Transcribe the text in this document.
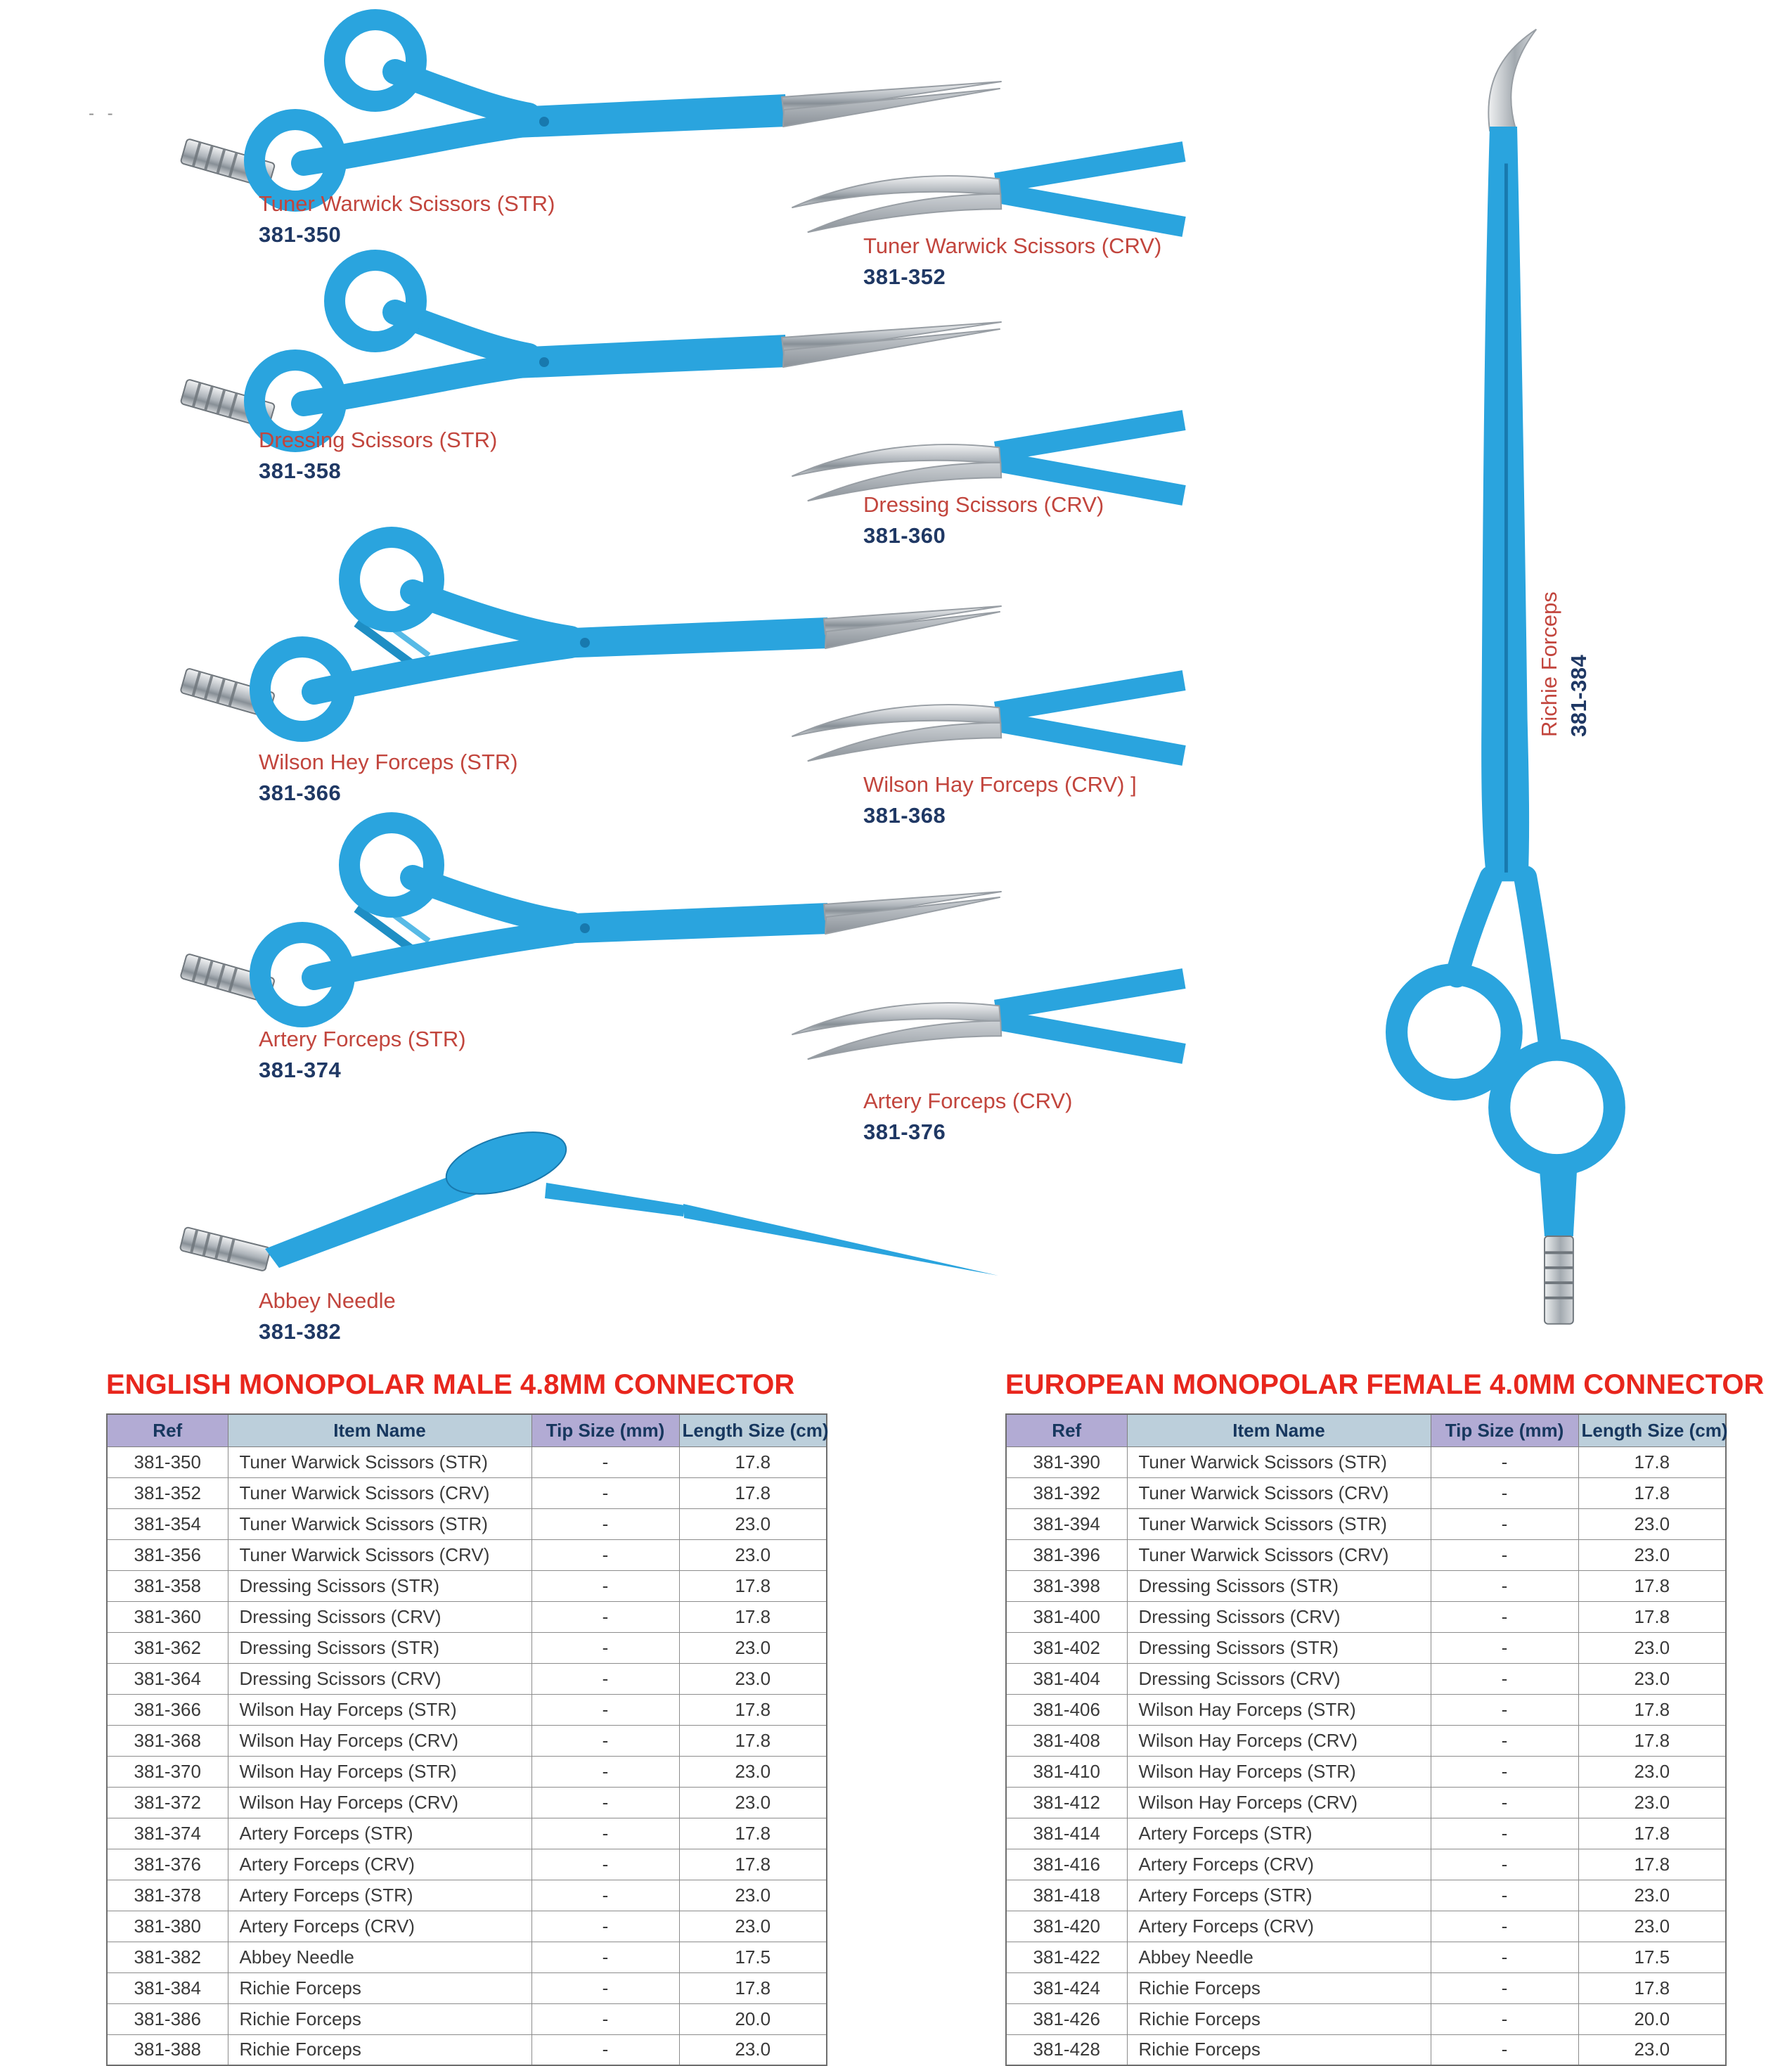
- -
Tuner Warwick Scissors (STR)
381-350	Tuner Warwick Scissors (CRV)
381-352
Dressing Scissors (STR)
381-358
Dressing Scissors (CRV)
381-360
Wilson Hey Forceps (STR)
381-366	Wilson Hay Forceps (CRV) ]
381-368
Artery Forceps (STR)
381-374
Artery Forceps (CRV)
381-376
Abbey Needle
381-382
Richie Forceps 381-384
ENGLISH MONOPOLAR MALE 4.8MM CONNECTOR
Ref	Item Name	Tip Size (mm)	Length Size (cm)
381-350	Tuner Warwick Scissors (STR)	-	17.8
381-352	Tuner Warwick Scissors (CRV)	-	17.8
381-354	Tuner Warwick Scissors (STR)	-	23.0
381-356	Tuner Warwick Scissors (CRV)	-	23.0
381-358	Dressing Scissors (STR)	-	17.8
381-360	Dressing Scissors (CRV)	-	17.8
381-362	Dressing Scissors (STR)	-	23.0
381-364	Dressing Scissors (CRV)	-	23.0
381-366	Wilson Hay Forceps (STR)	-	17.8
381-368	Wilson Hay Forceps (CRV)	-	17.8
381-370	Wilson Hay Forceps (STR)	-	23.0
381-372	Wilson Hay Forceps (CRV)	-	23.0
381-374	Artery Forceps (STR)	-	17.8
381-376	Artery Forceps (CRV)	-	17.8
381-378	Artery Forceps (STR)	-	23.0
381-380	Artery Forceps (CRV)	-	23.0
381-382	Abbey Needle	-	17.5
381-384	Richie Forceps	-	17.8
381-386	Richie Forceps	-	20.0
381-388	Richie Forceps	-	23.0
EUROPEAN MONOPOLAR FEMALE 4.0MM CONNECTOR
Ref	Item Name	Tip Size (mm)	Length Size (cm)
381-390	Tuner Warwick Scissors (STR)	-	17.8
381-392	Tuner Warwick Scissors (CRV)	-	17.8
381-394	Tuner Warwick Scissors (STR)	-	23.0
381-396	Tuner Warwick Scissors (CRV)	-	23.0
381-398	Dressing Scissors (STR)	-	17.8
381-400	Dressing Scissors (CRV)	-	17.8
381-402	Dressing Scissors (STR)	-	23.0
381-404	Dressing Scissors (CRV)	-	23.0
381-406	Wilson Hay Forceps (STR)	-	17.8
381-408	Wilson Hay Forceps (CRV)	-	17.8
381-410	Wilson Hay Forceps (STR)	-	23.0
381-412	Wilson Hay Forceps (CRV)	-	23.0
381-414	Artery Forceps (STR)	-	17.8
381-416	Artery Forceps (CRV)	-	17.8
381-418	Artery Forceps (STR)	-	23.0
381-420	Artery Forceps (CRV)	-	23.0
381-422	Abbey Needle	-	17.5
381-424	Richie Forceps	-	17.8
381-426	Richie Forceps	-	20.0
381-428	Richie Forceps	-	23.0
